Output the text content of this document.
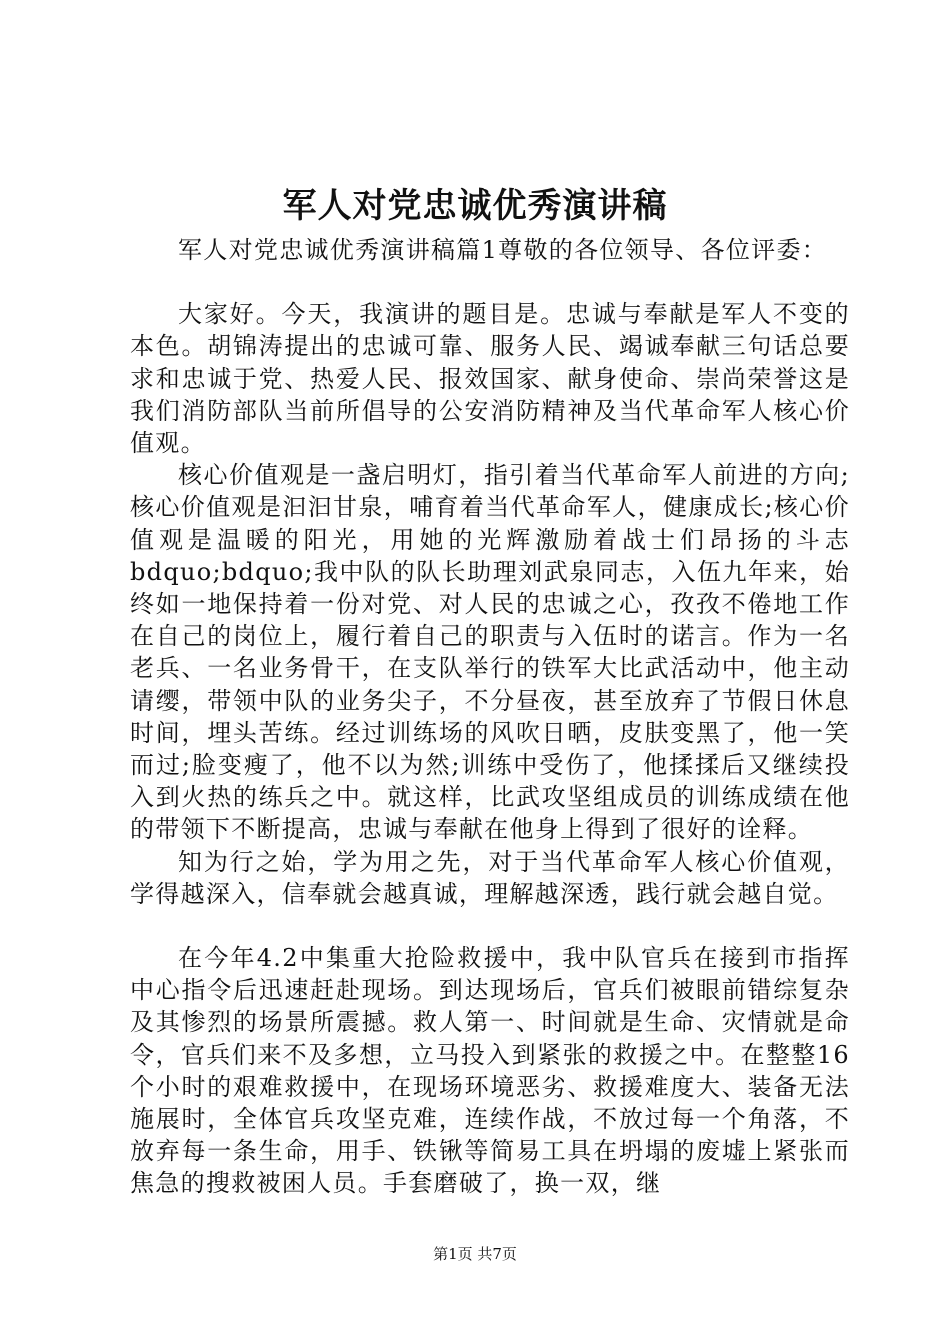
军人对党忠诚优秀演讲稿

军人对党忠诚优秀演讲稿篇1尊敬的各位领导、各位评委：

大家好。今天，我演讲的题目是。忠诚与奉献是军人不变的本色。胡锦涛提出的忠诚可靠、服务人民、竭诚奉献三句话总要求和忠诚于党、热爱人民、报效国家、献身使命、崇尚荣誉这是我们消防部队当前所倡导的公安消防精神及当代革命军人核心价值观。

核心价值观是一盏启明灯，指引着当代革命军人前进的方向;核心价值观是汩汩甘泉，哺育着当代革命军人，健康成长;核心价值观是温暖的阳光，用她的光辉激励着战士们昂扬的斗志bdquo;bdquo;我中队的队长助理刘武泉同志，入伍九年来，始终如一地保持着一份对党、对人民的忠诚之心，孜孜不倦地工作在自己的岗位上，履行着自己的职责与入伍时的诺言。作为一名老兵、一名业务骨干，在支队举行的铁军大比武活动中，他主动请缨，带领中队的业务尖子，不分昼夜，甚至放弃了节假日休息时间，埋头苦练。经过训练场的风吹日晒，皮肤变黑了，他一笑而过;脸变瘦了，他不以为然;训练中受伤了，他揉揉后又继续投入到火热的练兵之中。就这样，比武攻坚组成员的训练成绩在他的带领下不断提高，忠诚与奉献在他身上得到了很好的诠释。

知为行之始，学为用之先，对于当代革命军人核心价值观，学得越深入，信奉就会越真诚，理解越深透，践行就会越自觉。

在今年4.2中集重大抢险救援中，我中队官兵在接到市指挥中心指令后迅速赶赴现场。到达现场后，官兵们被眼前错综复杂及其惨烈的场景所震撼。救人第一、时间就是生命、灾情就是命令，官兵们来不及多想，立马投入到紧张的救援之中。在整整16个小时的艰难救援中，在现场环境恶劣、救援难度大、装备无法施展时，全体官兵攻坚克难，连续作战，不放过每一个角落，不放弃每一条生命，用手、铁锹等简易工具在坍塌的废墟上紧张而焦急的搜救被困人员。手套磨破了，换一双，继

第1页 共7页
